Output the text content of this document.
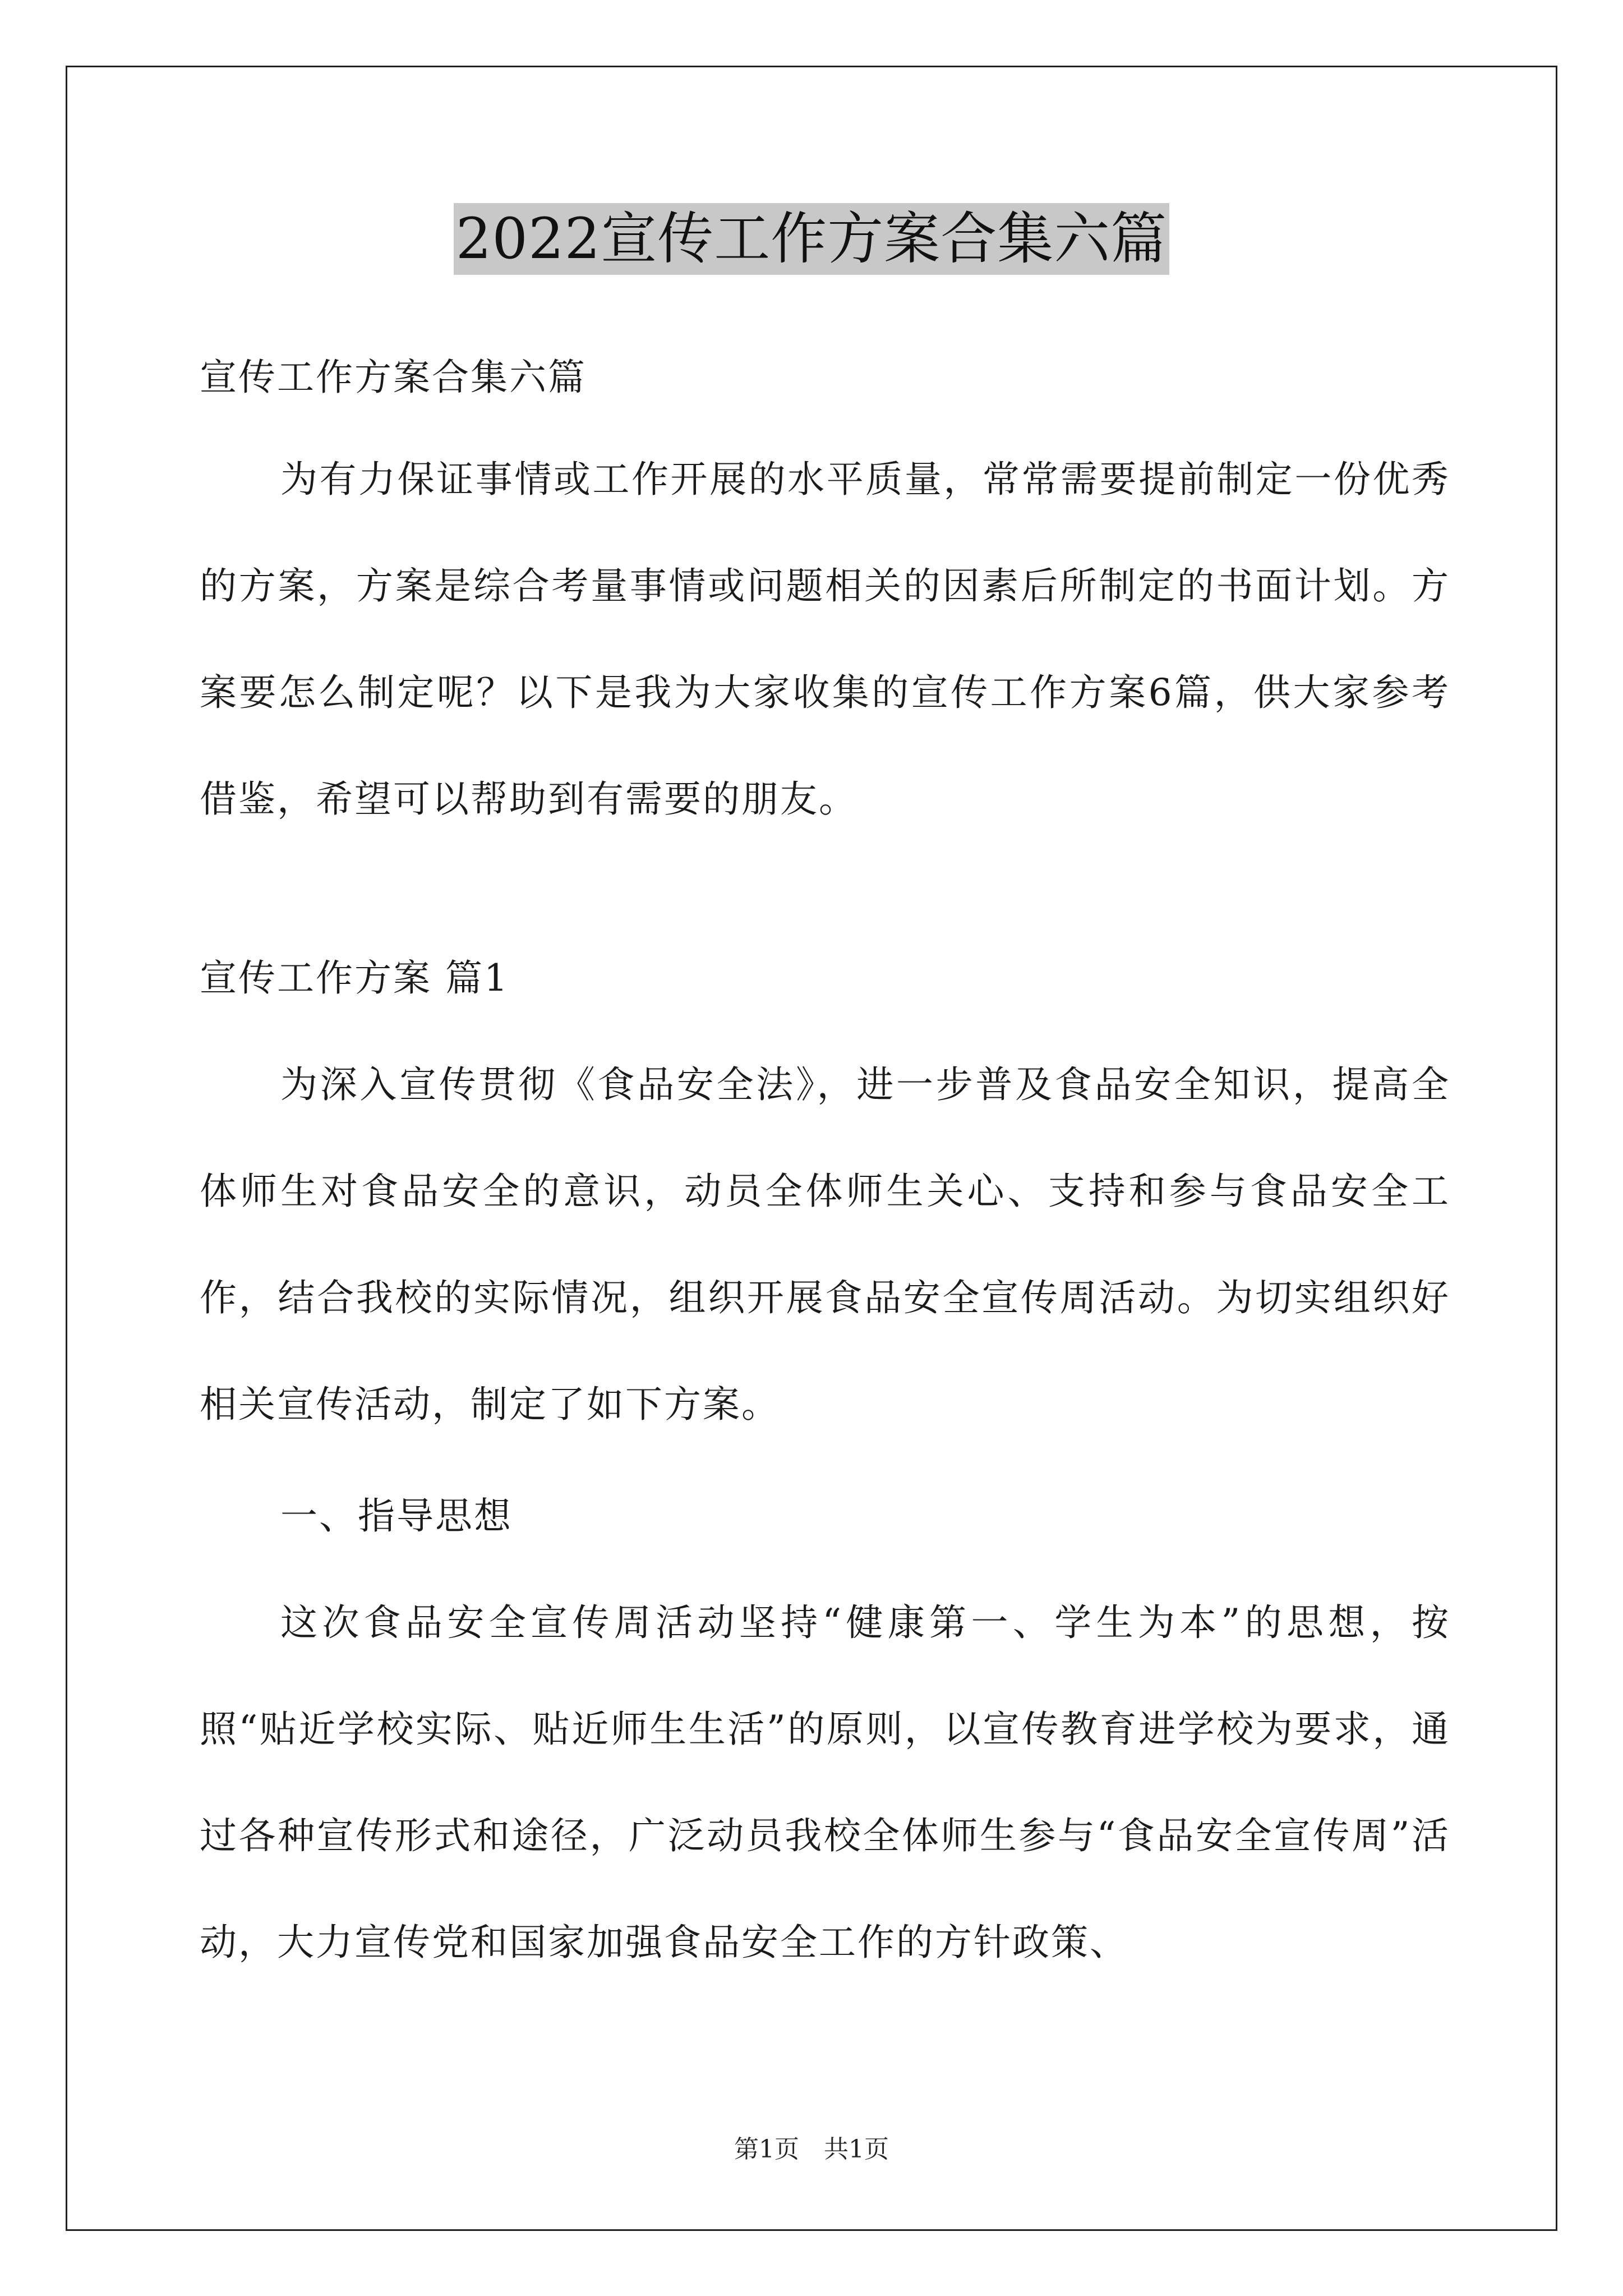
2022宣传工作方案合集六篇

宣传工作方案合集六篇

为有力保证事情或工作开展的水平质量，常常需要提前制定一份优秀的方案，方案是综合考量事情或问题相关的因素后所制定的书面计划。方案要怎么制定呢？以下是我为大家收集的宣传工作方案6篇，供大家参考借鉴，希望可以帮助到有需要的朋友。

宣传工作方案 篇1

为深入宣传贯彻《食品安全法》，进一步普及食品安全知识，提高全体师生对食品安全的意识，动员全体师生关心、支持和参与食品安全工作，结合我校的实际情况，组织开展食品安全宣传周活动。为切实组织好相关宣传活动，制定了如下方案。

一、指导思想

这次食品安全宣传周活动坚持“健康第一、学生为本”的思想，按照“贴近学校实际、贴近师生生活”的原则，以宣传教育进学校为要求，通过各种宣传形式和途径，广泛动员我校全体师生参与“食品安全宣传周”活动，大力宣传党和国家加强食品安全工作的方针政策、

第1页　共1页
